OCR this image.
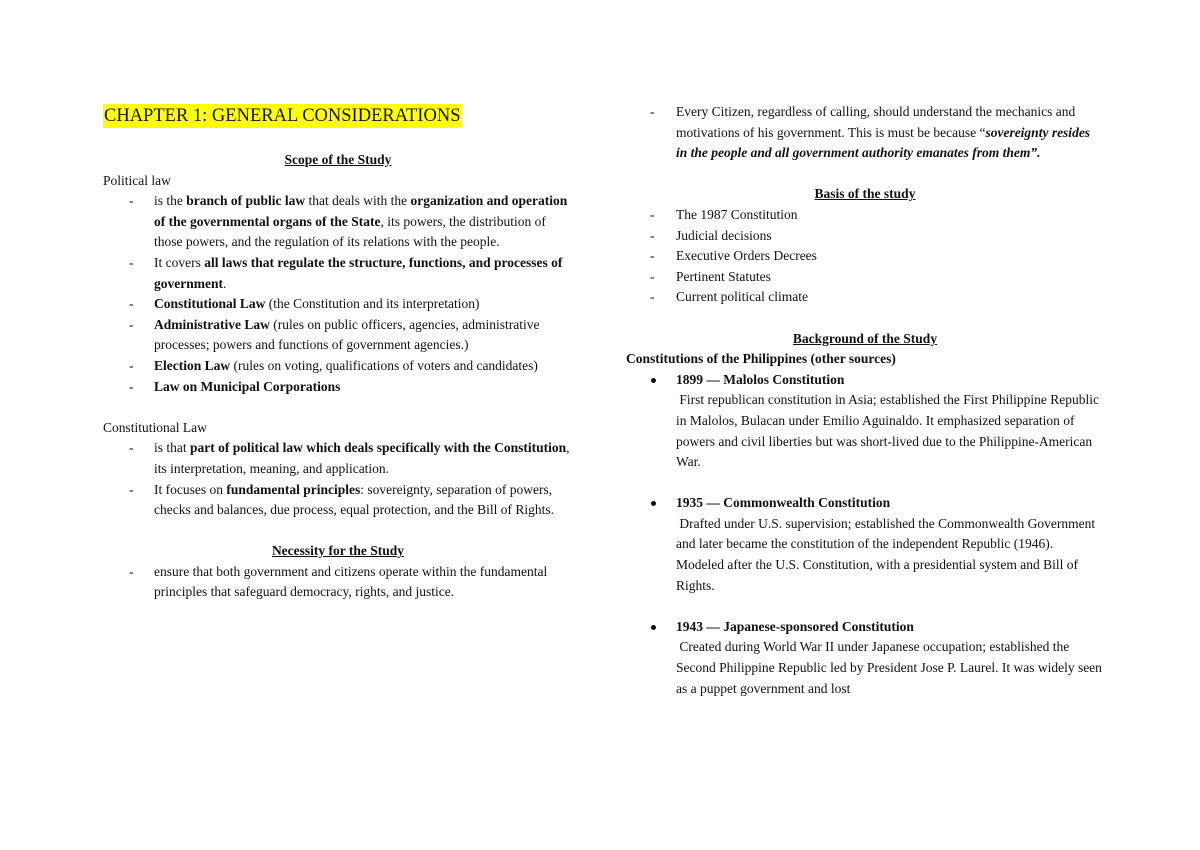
CHAPTER 1: GENERAL CONSIDERATIONS
Scope of the Study
Political law
- is the branch of public law that deals with the organization and operation of the governmental organs of the State, its powers, the distribution of those powers, and the regulation of its relations with the people.
- It covers all laws that regulate the structure, functions, and processes of government.
- Constitutional Law (the Constitution and its interpretation)
- Administrative Law (rules on public officers, agencies, administrative processes; powers and functions of government agencies.)
- Election Law (rules on voting, qualifications of voters and candidates)
- Law on Municipal Corporations
Constitutional Law
- is that part of political law which deals specifically with the Constitution, its interpretation, meaning, and application.
- It focuses on fundamental principles: sovereignty, separation of powers, checks and balances, due process, equal protection, and the Bill of Rights.
Necessity for the Study
- ensure that both government and citizens operate within the fundamental principles that safeguard democracy, rights, and justice.
- Every Citizen, regardless of calling, should understand the mechanics and motivations of his government. This is must be because “sovereignty resides in the people and all government authority emanates from them”.
Basis of the study
- The 1987 Constitution
- Judicial decisions
- Executive Orders Decrees
- Pertinent Statutes
- Current political climate
Background of the Study
Constitutions of the Philippines (other sources)
1899 — Malolos Constitution
First republican constitution in Asia; established the First Philippine Republic in Malolos, Bulacan under Emilio Aguinaldo. It emphasized separation of powers and civil liberties but was short-lived due to the Philippine-American War.
1935 — Commonwealth Constitution
Drafted under U.S. supervision; established the Commonwealth Government and later became the constitution of the independent Republic (1946). Modeled after the U.S. Constitution, with a presidential system and Bill of Rights.
1943 — Japanese-sponsored Constitution
Created during World War II under Japanese occupation; established the Second Philippine Republic led by President Jose P. Laurel. It was widely seen as a puppet government and lost
